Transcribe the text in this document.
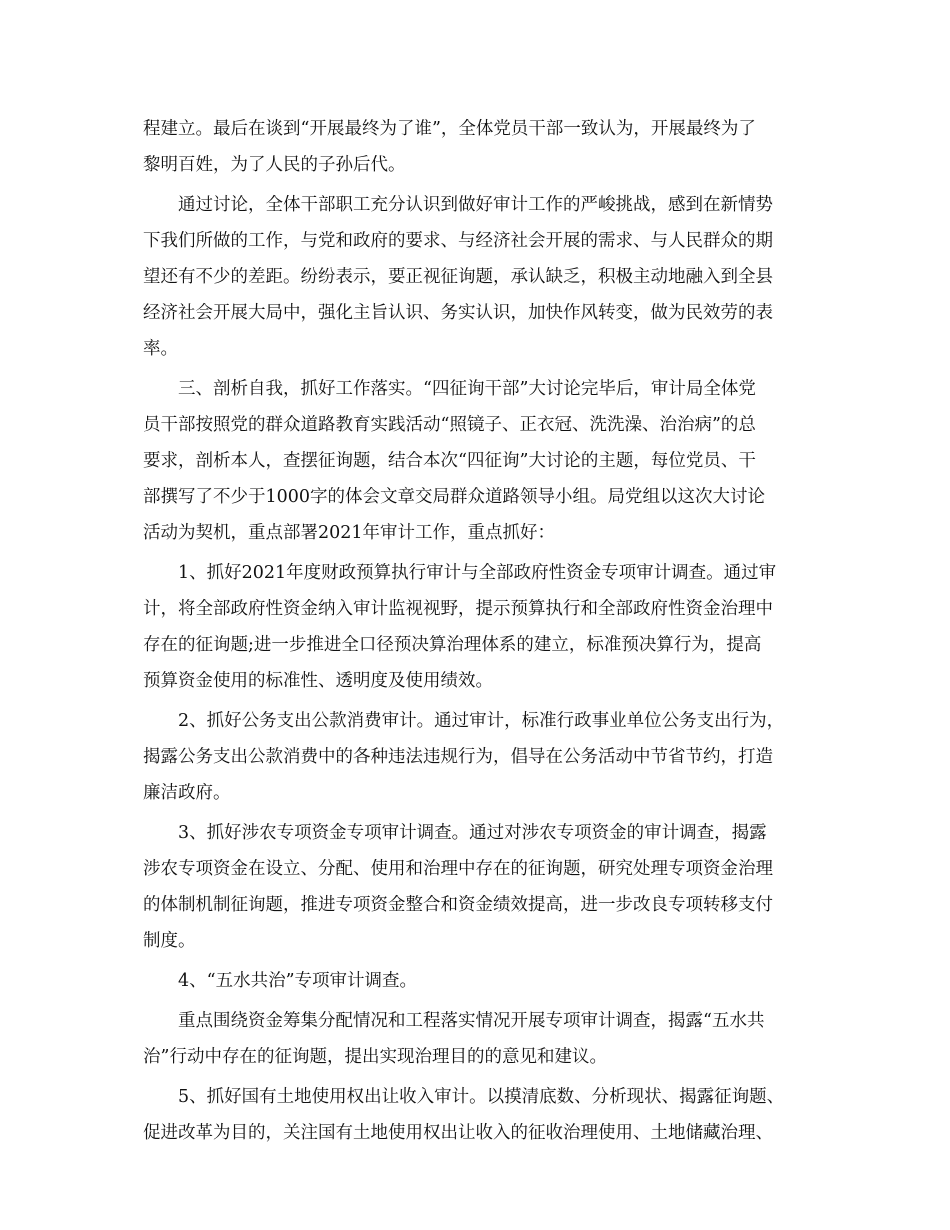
程建立。最后在谈到“开展最终为了谁”，全体党员干部一致认为，开展最终为了
黎明百姓，为了人民的子孙后代。
通过讨论，全体干部职工充分认识到做好审计工作的严峻挑战，感到在新情势
下我们所做的工作，与党和政府的要求、与经济社会开展的需求、与人民群众的期
望还有不少的差距。纷纷表示，要正视征询题，承认缺乏，积极主动地融入到全县
经济社会开展大局中，强化主旨认识、务实认识，加快作风转变，做为民效劳的表
率。
三、剖析自我，抓好工作落实。“四征询干部”大讨论完毕后，审计局全体党
员干部按照党的群众道路教育实践活动“照镜子、正衣冠、洗洗澡、治治病”的总
要求，剖析本人，查摆征询题，结合本次“四征询”大讨论的主题，每位党员、干
部撰写了不少于1000字的体会文章交局群众道路领导小组。局党组以这次大讨论
活动为契机，重点部署2021年审计工作，重点抓好：
1、抓好2021年度财政预算执行审计与全部政府性资金专项审计调查。通过审
计，将全部政府性资金纳入审计监视视野，提示预算执行和全部政府性资金治理中
存在的征询题;进一步推进全口径预决算治理体系的建立，标准预决算行为，提高
预算资金使用的标准性、透明度及使用绩效。
2、抓好公务支出公款消费审计。通过审计，标准行政事业单位公务支出行为，
揭露公务支出公款消费中的各种违法违规行为，倡导在公务活动中节省节约，打造
廉洁政府。
3、抓好涉农专项资金专项审计调查。通过对涉农专项资金的审计调查，揭露
涉农专项资金在设立、分配、使用和治理中存在的征询题，研究处理专项资金治理
的体制机制征询题，推进专项资金整合和资金绩效提高，进一步改良专项转移支付
制度。
4、“五水共治”专项审计调查。
重点围绕资金筹集分配情况和工程落实情况开展专项审计调查，揭露“五水共
治”行动中存在的征询题，提出实现治理目的的意见和建议。
5、抓好国有土地使用权出让收入审计。以摸清底数、分析现状、揭露征询题、
促进改革为目的，关注国有土地使用权出让收入的征收治理使用、土地储藏治理、
